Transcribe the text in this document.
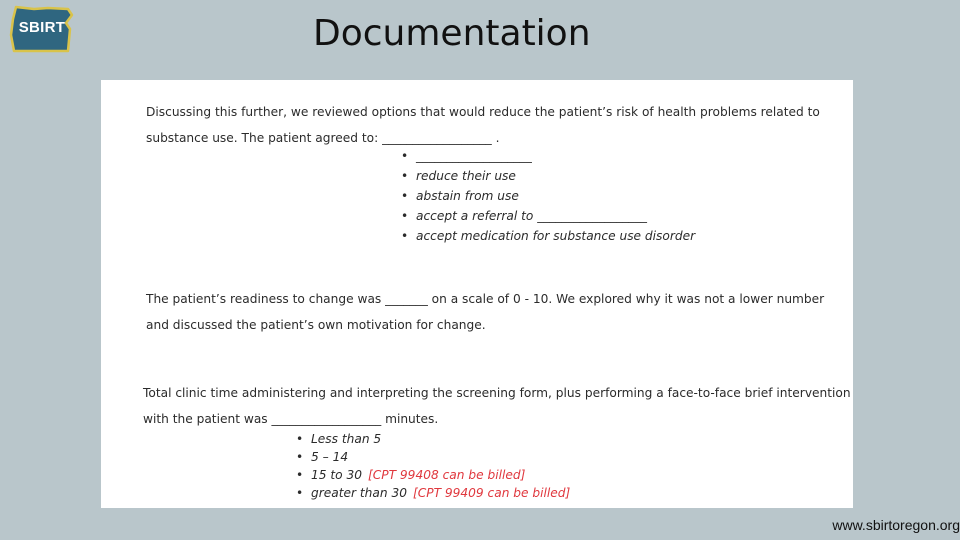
SBIRT	Documentation
Discussing this further, we reviewed options that would reduce the patient’s risk of health problems related to
substance use. The patient agreed to: __________________ .
• ___________________
• reduce their use
• abstain from use
• accept a referral to __________________
• accept medication for substance use disorder
The patient’s readiness to change was _______ on a scale of 0 - 10. We explored why it was not a lower number
and discussed the patient’s own motivation for change.
Total clinic time administering and interpreting the screening form, plus performing a face-to-face brief intervention
with the patient was __________________ minutes.
• Less than 5
• 5 – 14
• 15 to 30 [CPT 99408 can be billed]
• greater than 30 [CPT 99409 can be billed]
www.sbirtoregon.org
